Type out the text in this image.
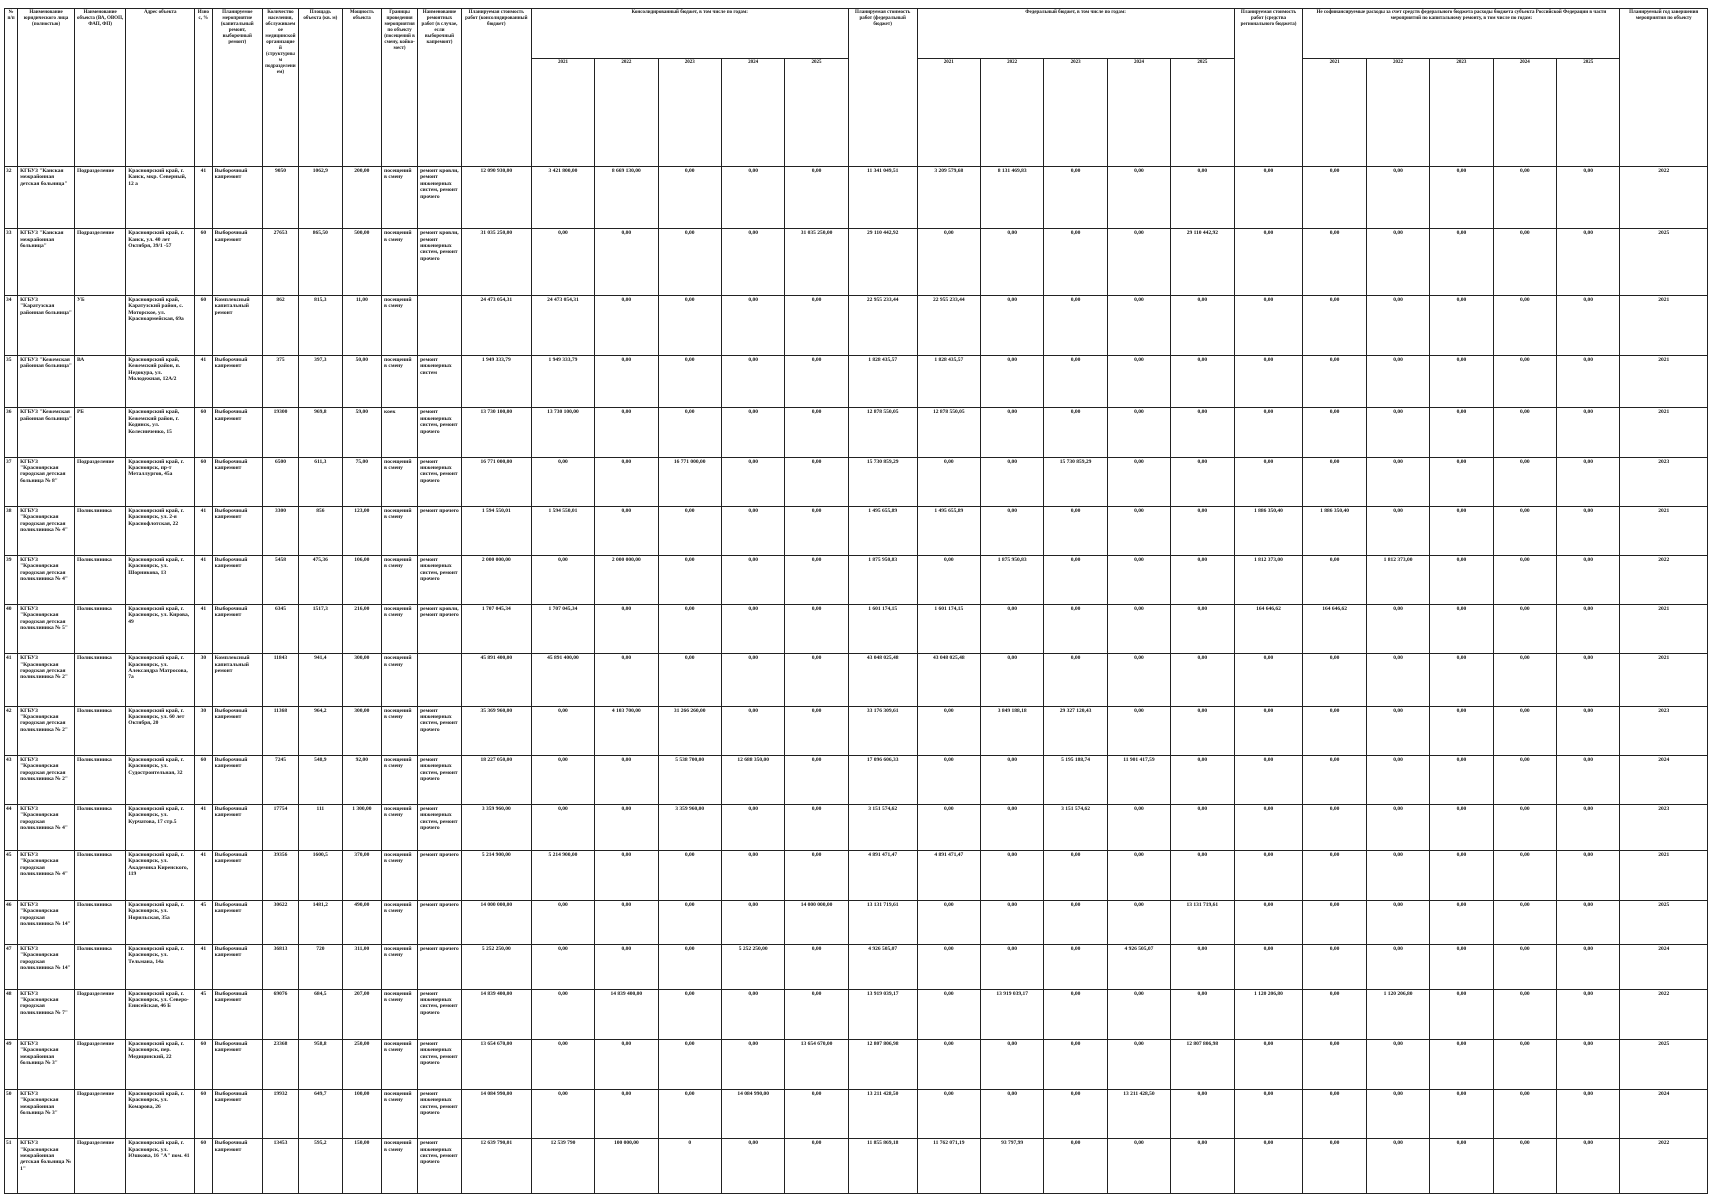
№ п/п	Наименование юридического лица (полностью)	Наименование объекта (ВА, ОВОП, ФАП, ФП)	Адрес объекта	Износ, %	Планируемое мероприятие (капитальный ремонт, выборочный ремонт)	Количество населения, обслуживаемое медицинской организацией (структурным подразделением)	Площадь объекта (кв. м)	Мощность объекта	Границы проведения мероприятия по объекту (посещений в смену, койко-мест)	Наименование ремонтных работ (в случае, если выборочный капремонт)	Планируемая стоимость работ (консолидированный бюджет)	Консолидированный бюджет, в том числе по годам:					Планируемая стоимость работ (федеральный бюджет)	Федеральный бюджет, в том числе по годам:					Планируемая стоимость работ (средства регионального бюджета)	Не софинансируемые расходы за счет средств федерального бюджета расходы бюджета субъекта Российской Федерации в части мероприятий по капитальному ремонту, в том числе по годам:					Планируемый год завершения мероприятия по объекту
												2021	2022	2023	2024	2025		2021	2022	2023	2024	2025		2021	2022	2023	2024	2025	
32	КГБУЗ "Канская межрайонная детская больница"	Подразделение	Красноярский край, г. Канск, мкр. Северный, 12 а	41	Выборочный капремонт	9050	1062,9	200,00	посещений в смену	ремонт кровли, ремонт инженерных систем, ремонт прочего	12 090 930,00	3 421 800,00	8 669 130,00	0,00	0,00	0,00	11 341 049,51	3 209 579,68	8 131 469,83	0,00	0,00	0,00	0,00	0,00	0,00	0,00	0,00	0,00	2022
33	КГБУЗ "Канская межрайонная больница"	Подразделение	Красноярский край, г. Канск, ул. 40 лет Октября, 39/1 -57	60	Выборочный капремонт	27653	865,50	500,00	посещений в смену	ремонт кровли, ремонт инженерных систем, ремонт прочего	31 035 250,00	0,00	0,00	0,00	0,00	31 035 250,00	29 110 442,92	0,00	0,00	0,00	0,00	29 110 442,92	0,00	0,00	0,00	0,00	0,00	0,00	2025
34	КГБУЗ "Каратузская районная больница"	УБ	Красноярский край, Каратузский район, с. Моторское, ул. Красноармейская, 69а	60	Комплексный капитальный ремонт	862	815,3	11,00	посещений в смену		24 473 054,31	24 473 054,31	0,00	0,00	0,00	0,00	22 955 233,44	22 955 233,44	0,00	0,00	0,00	0,00	0,00	0,00	0,00	0,00	0,00	0,00	2021
35	КГБУЗ "Кежемская районная больница"	ВА	Красноярский край, Кежемский район, п. Недокура, ул. Молодежная, 12А/2	41	Выборочный капремонт	375	397,3	50,00	посещений в смену	ремонт инженерных систем	1 949 333,79	1 949 333,79	0,00	0,00	0,00	0,00	1 828 435,57	1 828 435,57	0,00	0,00	0,00	0,00	0,00	0,00	0,00	0,00	0,00	0,00	2021
36	КГБУЗ "Кежемская районная больница"	РБ	Красноярский край, Кежемский район, г. Кодинск, ул. Колесниченко, 15	60	Выборочный капремонт	19300	969,8	59,00	коек	ремонт инженерных систем, ремонт прочего	13 730 100,00	13 730 100,00	0,00	0,00	0,00	0,00	12 878 550,05	12 878 550,05	0,00	0,00	0,00	0,00	0,00	0,00	0,00	0,00	0,00	0,00	2021
37	КГБУЗ "Красноярская городская детская больница № 8"	Подразделение	Красноярский край, г. Красноярск, пр-т Металлургов, 45а	60	Выборочный капремонт	6500	611,3	75,00	посещений в смену	ремонт инженерных систем, ремонт прочего	16 771 000,00	0,00	0,00	16 771 000,00	0,00	0,00	15 730 859,29	0,00	0,00	15 730 859,29	0,00	0,00	0,00	0,00	0,00	0,00	0,00	0,00	2023
38	КГБУЗ "Красноярская городская детская поликлиника № 4"	Поликлиника	Красноярский край, г. Красноярск, ул. 2-я Краснофлотская, 22	41	Выборочный капремонт	3300	856	123,00	посещений в смену	ремонт прочего	1 594 550,01	1 594 550,01	0,00	0,00	0,00	0,00	1 495 655,89	1 495 655,89	0,00	0,00	0,00	0,00	1 886 350,40	1 886 350,40	0,00	0,00	0,00	0,00	2021
39	КГБУЗ "Красноярская городская детская поликлиника № 4"	Поликлиника	Красноярский край, г. Красноярск, ул. Шорникова, 13	41	Выборочный капремонт	5458	475,36	106,00	посещений в смену	ремонт инженерных систем, ремонт прочего	2 000 000,00	0,00	2 000 000,00	0,00	0,00	0,00	1 875 950,83	0,00	1 875 950,83	0,00	0,00	0,00	1 812 373,00	0,00	1 812 373,00	0,00	0,00	0,00	2022
40	КГБУЗ "Красноярская городская детская поликлиника № 5"	Поликлиника	Красноярский край, г. Красноярск, ул. Кирова, 49	41	Выборочный капремонт	6345	1517,3	216,00	посещений в смену	ремонт кровли, ремонт прочего	1 707 045,34	1 707 045,34	0,00	0,00	0,00	0,00	1 601 174,15	1 601 174,15	0,00	0,00	0,00	0,00	164 646,62	164 646,62	0,00	0,00	0,00	0,00	2021
41	КГБУЗ "Красноярская городская детская поликлиника № 2"	Поликлиника	Красноярский край, г. Красноярск, ул. Александра Матросова, 7а	30	Комплексный капитальный ремонт	11843	941,4	300,00	посещений в смену		45 891 400,00	45 891 400,00	0,00	0,00	0,00	0,00	43 048 025,48	43 048 025,48	0,00	0,00	0,00	0,00	0,00	0,00	0,00	0,00	0,00	0,00	2021
42	КГБУЗ "Красноярская городская детская поликлиника № 2"	Поликлиника	Красноярский край, г. Красноярск, ул. 60 лет Октября, 20	30	Выборочный капремонт	11368	964,2	300,00	посещений в смену	ремонт инженерных систем, ремонт прочего	35 369 960,00	0,00	4 103 700,00	31 266 260,00	0,00	0,00	33 176 309,61	0,00	3 849 188,18	29 327 120,43	0,00	0,00	0,00	0,00	0,00	0,00	0,00	0,00	2023
43	КГБУЗ "Красноярская городская детская поликлиника № 2"	Поликлиника	Красноярский край, г. Красноярск, ул. Судостроительная, 32	60	Выборочный капремонт	7245	548,9	92,00	посещений в смену	ремонт инженерных систем, ремонт прочего	18 227 050,00	0,00	0,00	5 538 700,00	12 688 350,00	0,00	17 096 606,33	0,00	0,00	5 195 188,74	11 901 417,59	0,00	0,00	0,00	0,00	0,00	0,00	0,00	2024
44	КГБУЗ "Красноярская городская поликлиника № 4"	Поликлиника	Красноярский край, г. Красноярск, ул. Курчатова, 17 стр.5	41	Выборочный капремонт	17754	111	1 300,00	посещений в смену	ремонт инженерных систем, ремонт прочего	3 359 960,00	0,00	0,00	3 359 960,00	0,00	0,00	3 151 574,62	0,00	0,00	3 151 574,62	0,00	0,00	0,00	0,00	0,00	0,00	0,00	0,00	2023
45	КГБУЗ "Красноярская городская поликлиника № 4"	Поликлиника	Красноярский край, г. Красноярск, ул. Академика Киренского, 119	41	Выборочный капремонт	39356	1600,5	370,00	посещений в смену	ремонт прочего	5 214 900,00	5 214 900,00	0,00	0,00	0,00	0,00	4 891 471,47	4 891 471,47	0,00	0,00	0,00	0,00	0,00	0,00	0,00	0,00	0,00	0,00	2021
46	КГБУЗ "Красноярская городская поликлиника № 14"	Поликлиника	Красноярский край, г. Красноярск, ул. Норильская, 35а	45	Выборочный капремонт	30622	1481,2	490,00	посещений в смену	ремонт прочего	14 000 000,00	0,00	0,00	0,00	0,00	14 000 000,00	13 131 719,61	0,00	0,00	0,00	0,00	13 131 719,61	0,00	0,00	0,00	0,00	0,00	0,00	2025
47	КГБУЗ "Красноярская городская поликлиника № 14"	Поликлиника	Красноярский край, г. Красноярск, ул. Тельмана, 14а	41	Выборочный капремонт	36813	720	311,00	посещений в смену	ремонт прочего	5 252 250,00	0,00	0,00	0,00	5 252 250,00	0,00	4 926 505,07	0,00	0,00	0,00	4 926 505,07	0,00	0,00	0,00	0,00	0,00	0,00	0,00	2024
48	КГБУЗ "Красноярская городская поликлиника № 7"	Подразделение	Красноярский край, г. Красноярск, ул. Северо-Енисейская, 46 Б	45	Выборочный капремонт	69076	684,5	207,00	посещений в смену	ремонт инженерных систем, ремонт прочего	14 839 400,00	0,00	14 839 400,00	0,00	0,00	0,00	13 919 039,17	0,00	13 919 039,17	0,00	0,00	0,00	1 120 206,80	0,00	1 120 206,80	0,00	0,00	0,00	2022
49	КГБУЗ "Красноярская межрайонная больница № 3"	Подразделение	Красноярский край, г. Красноярск, пер. Медицинский, 22	60	Выборочный капремонт	23368	958,8	250,00	посещений в смену	ремонт инженерных систем, ремонт прочего	13 654 670,00	0,00	0,00	0,00	0,00	13 654 670,00	12 807 806,98	0,00	0,00	0,00	0,00	12 807 806,98	0,00	0,00	0,00	0,00	0,00	0,00	2025
50	КГБУЗ "Красноярская межрайонная больница № 3"	Подразделение	Красноярский край, г. Красноярск, ул. Комарова, 26	60	Выборочный капремонт	19932	649,7	100,00	посещений в смену	ремонт инженерных систем, ремонт прочего	14 084 990,00	0,00	0,00	0,00	14 084 990,00	0,00	13 211 428,50	0,00	0,00	0,00	13 211 428,50	0,00	0,00	0,00	0,00	0,00	0,00	0,00	2024
51	КГБУЗ "Красноярская межрайонная детская больница № 1"	Подразделение	Красноярский край, г. Красноярск, ул. Юшкова, 16 "А" пом. 41	60	Выборочный капремонт	13453	595,2	150,00	посещений в смену	ремонт инженерных систем, ремонт прочего	12 639 790,01	12 539 790	100 000,00	0	0,00	0,00	11 855 869,18	11 762 071,19	93 797,99	0,00	0,00	0,00	0,00	0,00	0,00	0,00	0,00	0,00	2022
